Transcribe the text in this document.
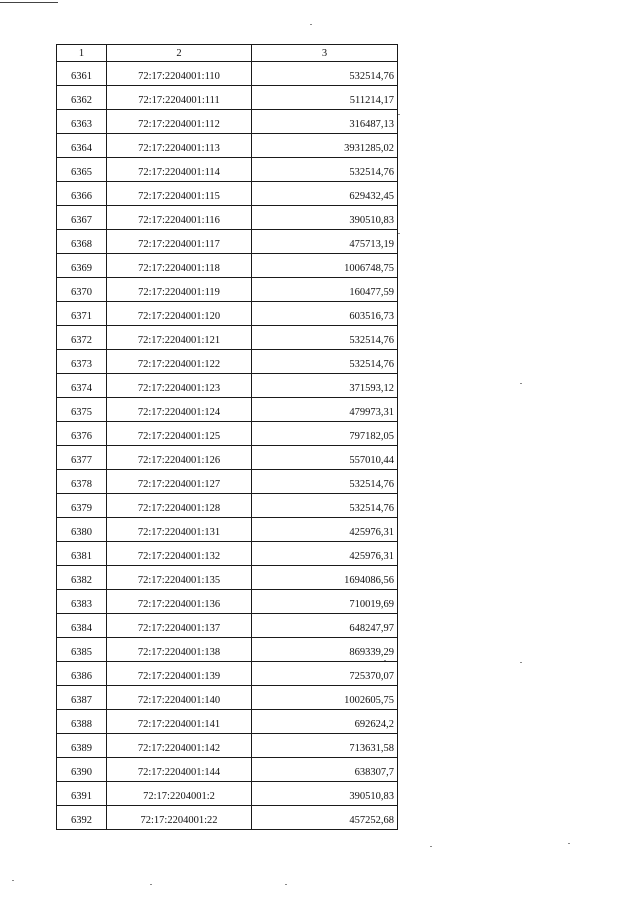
1	2	3
6361	72:17:2204001:110	532514,76
6362	72:17:2204001:111	511214,17
6363	72:17:2204001:112	316487,13
6364	72:17:2204001:113	3931285,02
6365	72:17:2204001:114	532514,76
6366	72:17:2204001:115	629432,45
6367	72:17:2204001:116	390510,83
6368	72:17:2204001:117	475713,19
6369	72:17:2204001:118	1006748,75
6370	72:17:2204001:119	160477,59
6371	72:17:2204001:120	603516,73
6372	72:17:2204001:121	532514,76
6373	72:17:2204001:122	532514,76
6374	72:17:2204001:123	371593,12
6375	72:17:2204001:124	479973,31
6376	72:17:2204001:125	797182,05
6377	72:17:2204001:126	557010,44
6378	72:17:2204001:127	532514,76
6379	72:17:2204001:128	532514,76
6380	72:17:2204001:131	425976,31
6381	72:17:2204001:132	425976,31
6382	72:17:2204001:135	1694086,56
6383	72:17:2204001:136	710019,69
6384	72:17:2204001:137	648247,97
6385	72:17:2204001:138	869339,29
6386	72:17:2204001:139	725370,07
6387	72:17:2204001:140	1002605,75
6388	72:17:2204001:141	692624,2
6389	72:17:2204001:142	713631,58
6390	72:17:2204001:144	638307,7
6391	72:17:2204001:2	390510,83
6392	72:17:2204001:22	457252,68
